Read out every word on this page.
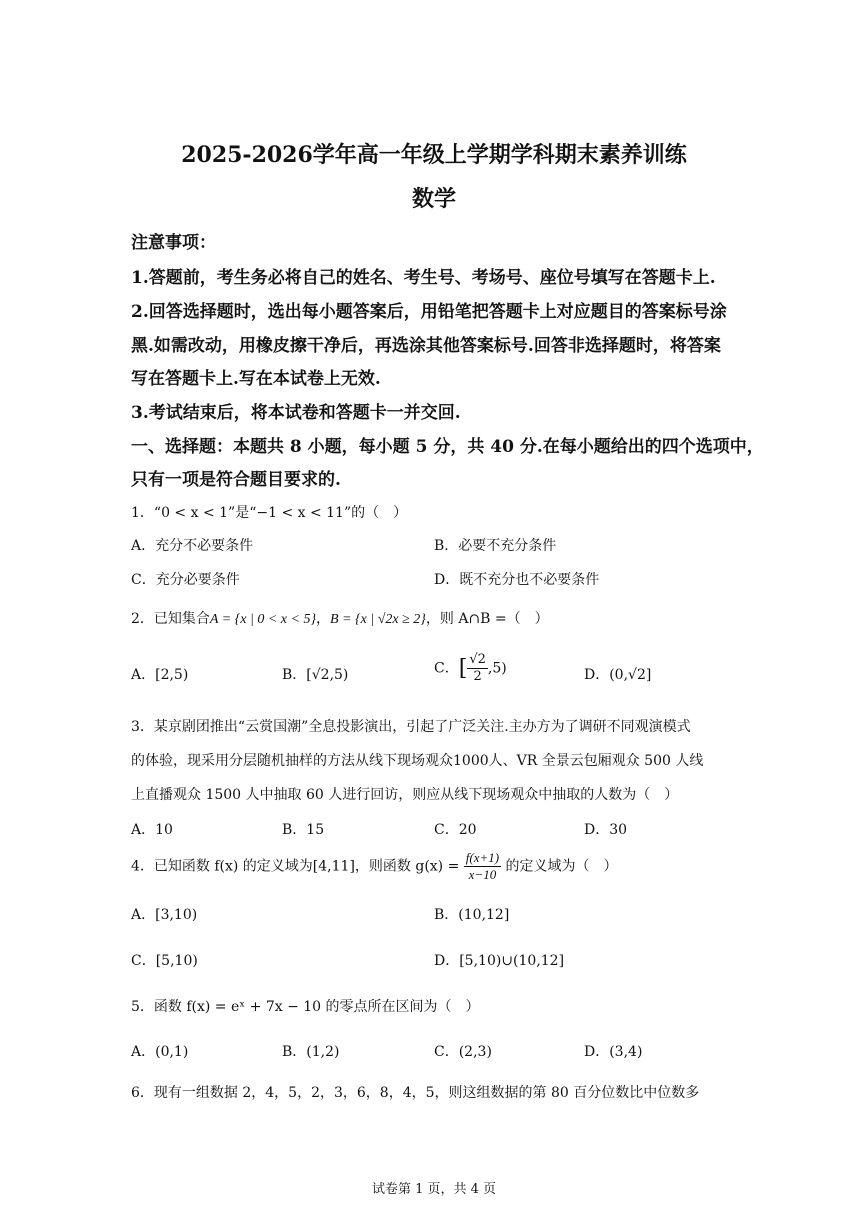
2025-2026学年高一年级上学期学科期末素养训练
数学
注意事项：
1.答题前，考生务必将自己的姓名、考生号、考场号、座位号填写在答题卡上.
2.回答选择题时，选出每小题答案后，用铅笔把答题卡上对应题目的答案标号涂
黑.如需改动，用橡皮擦干净后，再选涂其他答案标号.回答非选择题时，将答案
写在答题卡上.写在本试卷上无效.
3.考试结束后，将本试卷和答题卡一并交回.
一、选择题：本题共 8 小题，每小题 5 分，共 40 分.在每小题给出的四个选项中，
只有一项是符合题目要求的.
1．“0 < x < 1”是“−1 < x < 11”的（　）
A．充分不必要条件	B．必要不充分条件
C．充分必要条件	D．既不充分也不必要条件
2．已知集合A = {x | 0 < x < 5}，B = {x | √2x ≥ 2}，则 A∩B =（　）
A．[2,5)	B．[√2,5)	C．[ $\frac{√2}{2} ,5$)	D．(0,√2]
3．某京剧团推出“云赏国潮”全息投影演出，引起了广泛关注.主办方为了调研不同观演模式
的体验，现采用分层随机抽样的方法从线下现场观众1000人、VR 全景云包厢观众 500 人线
上直播观众 1500 人中抽取 60 人进行回访，则应从线下现场观众中抽取的人数为（　）
A．10	B．15	C．20	D．30
4．已知函数 f(x) 的定义域为[4,11]，则函数 $g(x) = \frac{f(x+1)}{x-10}$ 的定义域为（　）
A．[3,10)	B．(10,12]
C．[5,10)	D．[5,10)∪(10,12]
5．函数 f(x) = eˣ + 7x − 10 的零点所在区间为（　）
A．(0,1)	B．(1,2)	C．(2,3)	D．(3,4)
6．现有一组数据 2，4，5，2，3，6，8，4，5，则这组数据的第 80 百分位数比中位数多
试卷第 1 页，共 4 页
